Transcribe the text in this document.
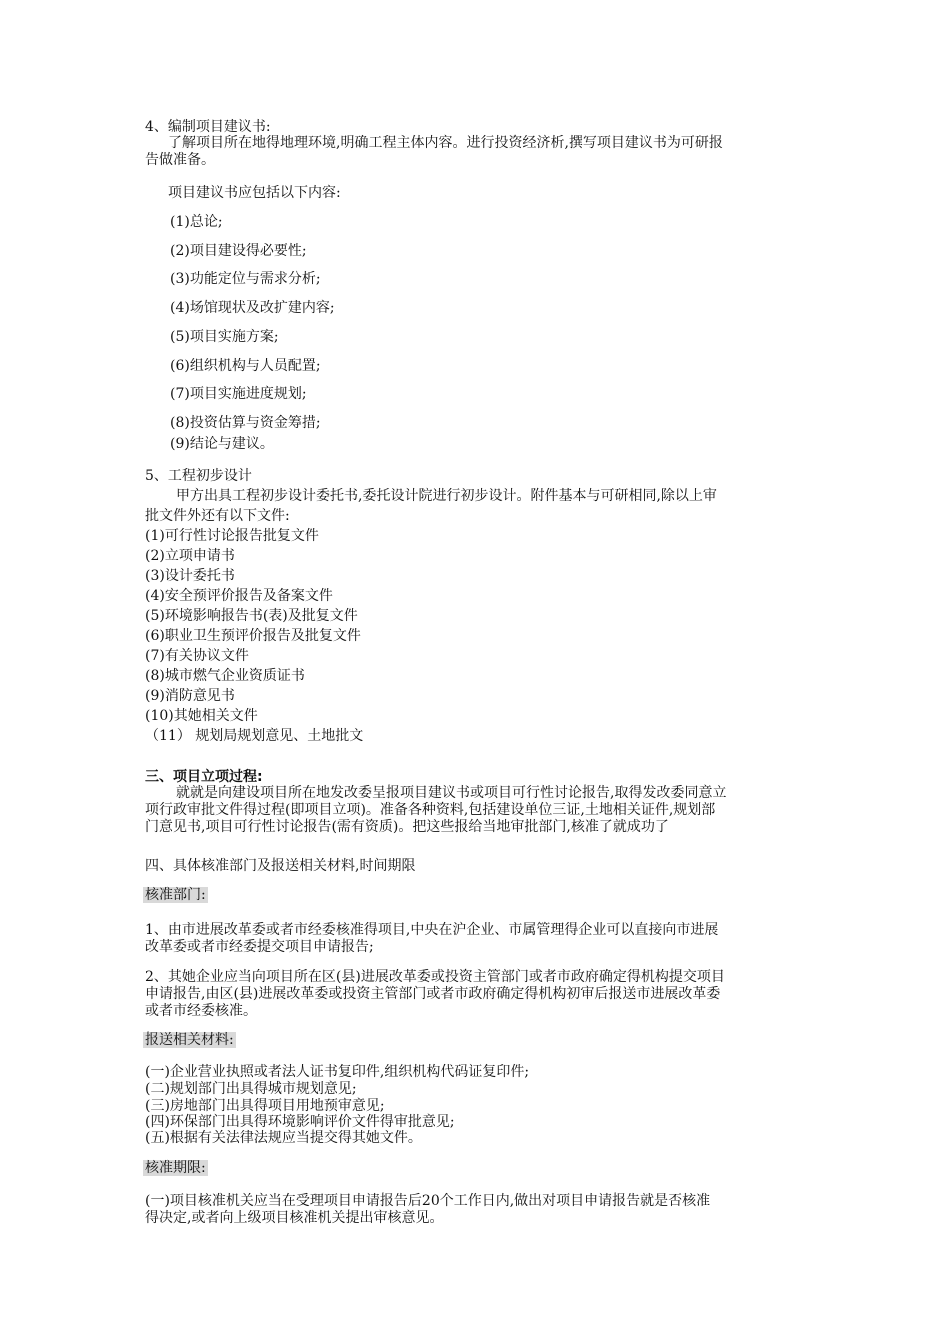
4、编制项目建议书:
了解项目所在地得地理环境,明确工程主体内容。进行投资经济析,撰写项目建议书为可研报
告做准备。
项目建议书应包括以下内容:
(1)总论;
(2)项目建设得必要性;
(3)功能定位与需求分析;
(4)场馆现状及改扩建内容;
(5)项目实施方案;
(6)组织机构与人员配置;
(7)项目实施进度规划;
(8)投资估算与资金筹措;
(9)结论与建议。
5、工程初步设计
甲方出具工程初步设计委托书,委托设计院进行初步设计。附件基本与可研相同,除以上审
批文件外还有以下文件:
(1)可行性讨论报告批复文件
(2)立项申请书
(3)设计委托书
(4)安全预评价报告及备案文件
(5)环境影响报告书(表)及批复文件
(6)职业卫生预评价报告及批复文件
(7)有关协议文件
(8)城市燃气企业资质证书
(9)消防意见书
(10)其她相关文件
（11） 规划局规划意见、土地批文
三、项目立项过程:
就就是向建设项目所在地发改委呈报项目建议书或项目可行性讨论报告,取得发改委同意立
项行政审批文件得过程(即项目立项)。准备各种资料,包括建设单位三证,土地相关证件,规划部
门意见书,项目可行性讨论报告(需有资质)。把这些报给当地审批部门,核准了就成功了
四、具体核准部门及报送相关材料,时间期限
核准部门:
1、由市进展改革委或者市经委核准得项目,中央在沪企业、市属管理得企业可以直接向市进展
改革委或者市经委提交项目申请报告;
2、其她企业应当向项目所在区(县)进展改革委或投资主管部门或者市政府确定得机构提交项目
申请报告,由区(县)进展改革委或投资主管部门或者市政府确定得机构初审后报送市进展改革委
或者市经委核准。
报送相关材料:
(一)企业营业执照或者法人证书复印件,组织机构代码证复印件;
(二)规划部门出具得城市规划意见;
(三)房地部门出具得项目用地预审意见;
(四)环保部门出具得环境影响评价文件得审批意见;
(五)根据有关法律法规应当提交得其她文件。
核准期限:
(一)项目核准机关应当在受理项目申请报告后20个工作日内,做出对项目申请报告就是否核准
得决定,或者向上级项目核准机关提出审核意见。
